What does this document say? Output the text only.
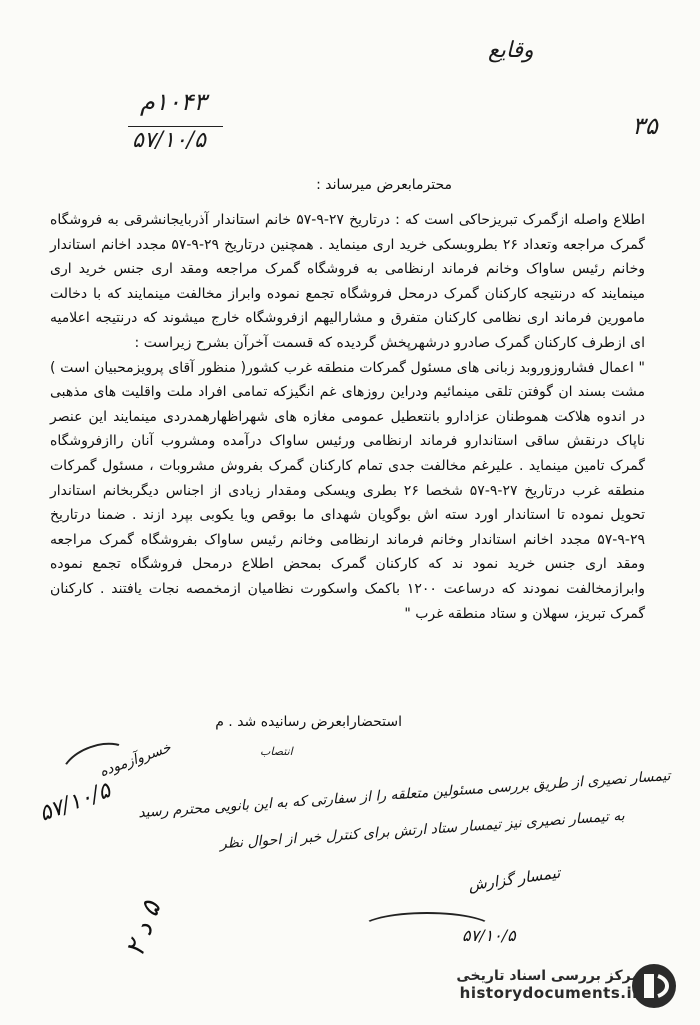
وقایع
۳۵
۱۰۴۳م
۵۷/۱۰/۵
محترمابعرض میرساند :

اطلاع واصله ازگمرک تبریزحاکی است که : درتاریخ ۲۷-۹-۵۷ خانم استاندار آذربایجانشرقی به فروشگاه گمرک مراجعه وتعداد ۲۶ بطروبسکی خرید اری مینماید . همچنین درتاریخ ۲۹-۹-۵۷ مجدد اخانم استاندار وخانم رئیس ساواک وخانم فرماند ارنظامی به فروشگاه گمرک مراجعه ومقد اری جنس خرید اری مینمایند که درنتیجه کارکنان گمرک درمحل فروشگاه تجمع نموده وابراز مخالفت مینمایند که با دخالت مامورین فرماند اری نظامی کارکنان متفرق و مشارالیهم ازفروشگاه خارج میشوند که درنتیجه اعلامیه ای ازطرف کارکنان گمرک صادرو درشهرپخش گردیده که قسمت آخرآن بشرح زیراست :

" اعمال فشاروزوروبد زبانی های مسئول گمرکات منطقه غرب کشور( منظور آقای پرویزمحبیان است ) مشت بسند ان گوفتن تلقی مینمائیم ودراین روزهای غم انگیزکه تمامی افراد ملت واقلیت های مذهبی در اندوه هلاکت هموطنان عزادارو بانتعطیل عمومی مغازه های شهراظهارهمدردی مینمایند این عنصر ناپاک درنقش ساقی استاندارو فرماند ارنظامی ورئیس ساواک درآمده ومشروب آنان راازفروشگاه گمرک تامین مینماید . علیرغم مخالفت جدی تمام کارکنان گمرک بفروش مشروبات ، مسئول گمرکات منطقه غرب درتاریخ ۲۷-۹-۵۷ شخصا ۲۶ بطری ویسکی ومقدار زیادی از اجناس دیگربخانم استاندار تحویل نموده تا استاندار اورد سته اش بوگویان شهدای ما بوقص ویا یکوبی بپرد ازند . ضمنا درتاریخ ۲۹-۹-۵۷ مجدد اخانم استاندار وخانم فرماند ارنظامی وخانم رئیس ساواک بفروشگاه گمرک مراجعه ومقد اری جنس خرید نمود ند که کارکنان گمرک بمحض اطلاع درمحل فروشگاه تجمع نموده وابرازمخالفت نمودند که درساعت ۱۲۰۰ باکمک واسکورت نظامیان ازمخمصه نجات یافتند . کارکنان گمرک تبریز، سهلان و ستاد منطقه غرب "

انتصاب
استحضارابعرض رسانیده شد . م
خسروآزموده
۵۷/۱۰/۵ تیمسار نصیری از طریق بررسی مسئولین متعلقه را از سفارتی که به این بانویی محترم رسید
به تیمسار نصیری نیز تیمسار ستاد ارتش برای کنترل خبر از احوال نظر
تیمسار گزارش
۵۷/۱۰/۵
۵ د ۲
مرکز بررسی اسناد تاریخی
historydocuments.ir
